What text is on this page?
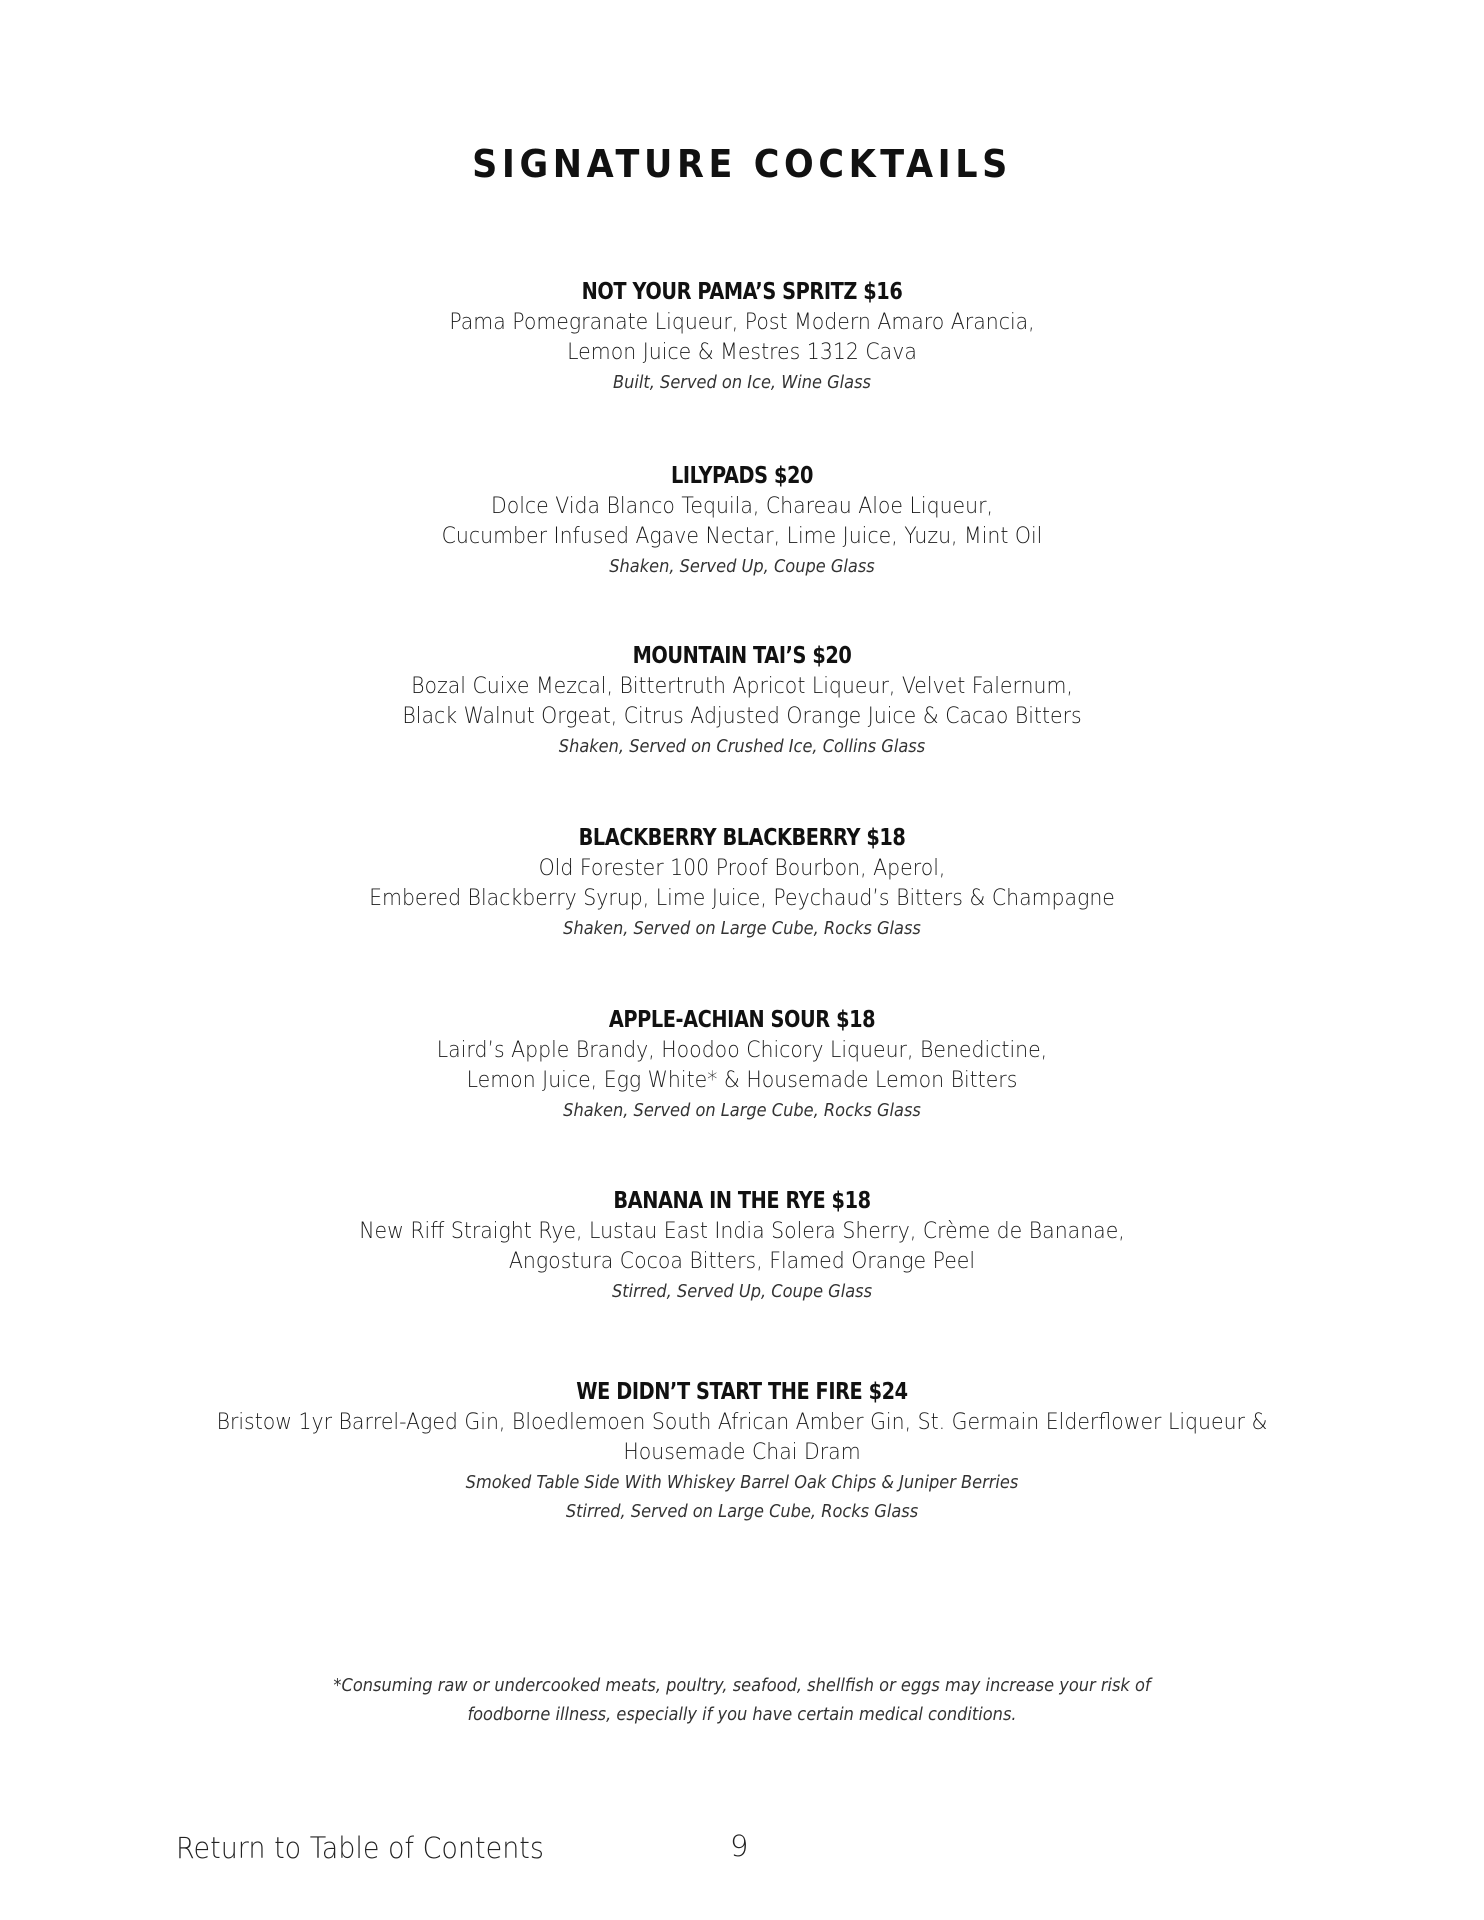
SIGNATURE COCKTAILS
NOT YOUR PAMA’S SPRITZ $16
Pama Pomegranate Liqueur, Post Modern Amaro Arancia,
Lemon Juice & Mestres 1312 Cava
Built, Served on Ice, Wine Glass
LILYPADS $20
Dolce Vida Blanco Tequila, Chareau Aloe Liqueur,
Cucumber Infused Agave Nectar, Lime Juice, Yuzu, Mint Oil
Shaken, Served Up, Coupe Glass
MOUNTAIN TAI’S $20
Bozal Cuixe Mezcal, Bittertruth Apricot Liqueur, Velvet Falernum,
Black Walnut Orgeat, Citrus Adjusted Orange Juice & Cacao Bitters
Shaken, Served on Crushed Ice, Collins Glass
BLACKBERRY BLACKBERRY $18
Old Forester 100 Proof Bourbon, Aperol,
Embered Blackberry Syrup, Lime Juice, Peychaud’s Bitters & Champagne
Shaken, Served on Large Cube, Rocks Glass
APPLE-ACHIAN SOUR $18
Laird’s Apple Brandy, Hoodoo Chicory Liqueur, Benedictine,
Lemon Juice, Egg White* & Housemade Lemon Bitters
Shaken, Served on Large Cube, Rocks Glass
BANANA IN THE RYE $18
New Riff Straight Rye, Lustau East India Solera Sherry, Crème de Bananae,
Angostura Cocoa Bitters, Flamed Orange Peel
Stirred, Served Up, Coupe Glass
WE DIDN’T START THE FIRE $24
Bristow 1yr Barrel-Aged Gin, Bloedlemoen South African Amber Gin, St. Germain Elderflower Liqueur &
Housemade Chai Dram
Smoked Table Side With Whiskey Barrel Oak Chips & Juniper Berries
Stirred, Served on Large Cube, Rocks Glass
*Consuming raw or undercooked meats, poultry, seafood, shellfish or eggs may increase your risk of
foodborne illness, especially if you have certain medical conditions.
Return to Table of Contents	9
